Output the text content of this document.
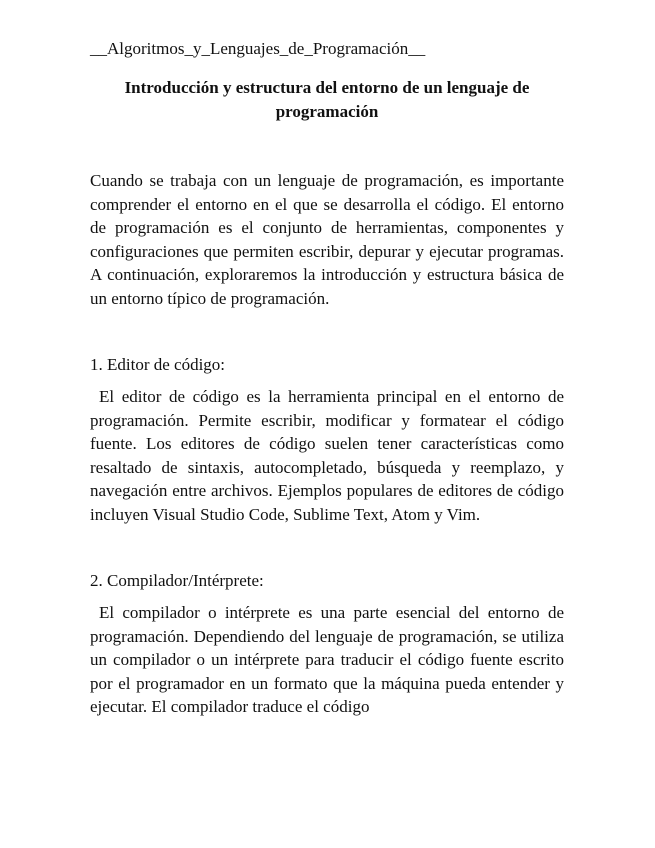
__Algoritmos_y_Lenguajes_de_Programación__
Introducción y estructura del entorno de un lenguaje de programación

Cuando se trabaja con un lenguaje de programación, es importante comprender el entorno en el que se desarrolla el código. El entorno de programación es el conjunto de herramientas, componentes y configuraciones que permiten escribir, depurar y ejecutar programas. A continuación, exploraremos la introducción y estructura básica de un entorno típico de programación.

1. Editor de código:

El editor de código es la herramienta principal en el entorno de programación. Permite escribir, modificar y formatear el código fuente. Los editores de código suelen tener características como resaltado de sintaxis, autocompletado, búsqueda y reemplazo, y navegación entre archivos. Ejemplos populares de editores de código incluyen Visual Studio Code, Sublime Text, Atom y Vim.

2. Compilador/Intérprete:

El compilador o intérprete es una parte esencial del entorno de programación. Dependiendo del lenguaje de programación, se utiliza un compilador o un intérprete para traducir el código fuente escrito por el programador en un formato que la máquina pueda entender y ejecutar. El compilador traduce el código
